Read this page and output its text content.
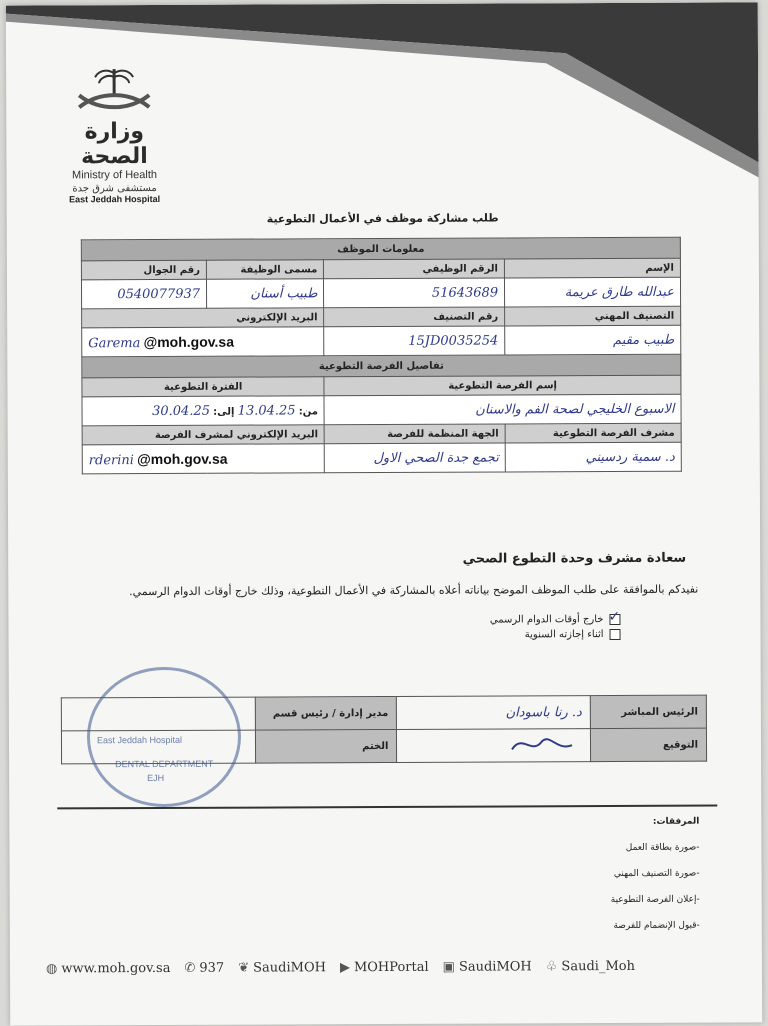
وزارة الصحة
Ministry of Health
مستشفى شرق جدة
East Jeddah Hospital
طلب مشاركة موظف في الأعمال التطوعية
معلومات الموظف			
الإسم	الرقم الوظيفي	مسمى الوظيفة	رقم الجوال
عبدالله طارق عريمة	51643689	طبيب أسنان	0540077937
التصنيف المهني	رقم التصنيف	البريد الإلكتروني	
طبيب مقيم	15JD0035254	Garema @moh.gov.sa	
تفاصيل الفرصة التطوعية			
إسم الفرصة التطوعية		الفترة التطوعية	
الاسبوع الخليجي لصحة الفم والاسنان		من: 13.04.25 إلى: 30.04.25	
مشرف الفرصة التطوعية	الجهة المنظمة للفرصة	البريد الإلكتروني لمشرف الفرصة	
د. سمية ردسيني	تجمع جدة الصحي الاول	rderini @moh.gov.sa	
سعادة مشرف وحدة التطوع الصحي
نفيدكم بالموافقة على طلب الموظف الموضح بياناته أعلاه بالمشاركة في الأعمال التطوعية، وذلك خارج أوقات الدوام الرسمي.
✓
خارج أوقات الدوام الرسمي
اثناء إجازته السنوية
East Jeddah Hospital
DENTAL DEPARTMENT
EJH
الرئيس المباشر	د. رنا باسودان	مدير إدارة / رئيس قسم	
التوقيع		الختم	
المرفقات:
-صورة بطاقة العمل
-صورة التصنيف المهني
-إعلان الفرصة التطوعية
-قبول الإنضمام للفرصة
◍ www.moh.gov.sa ✆ 937 ❦ SaudiMOH ▶ MOHPortal ▣ SaudiMOH ♧ Saudi_Moh
